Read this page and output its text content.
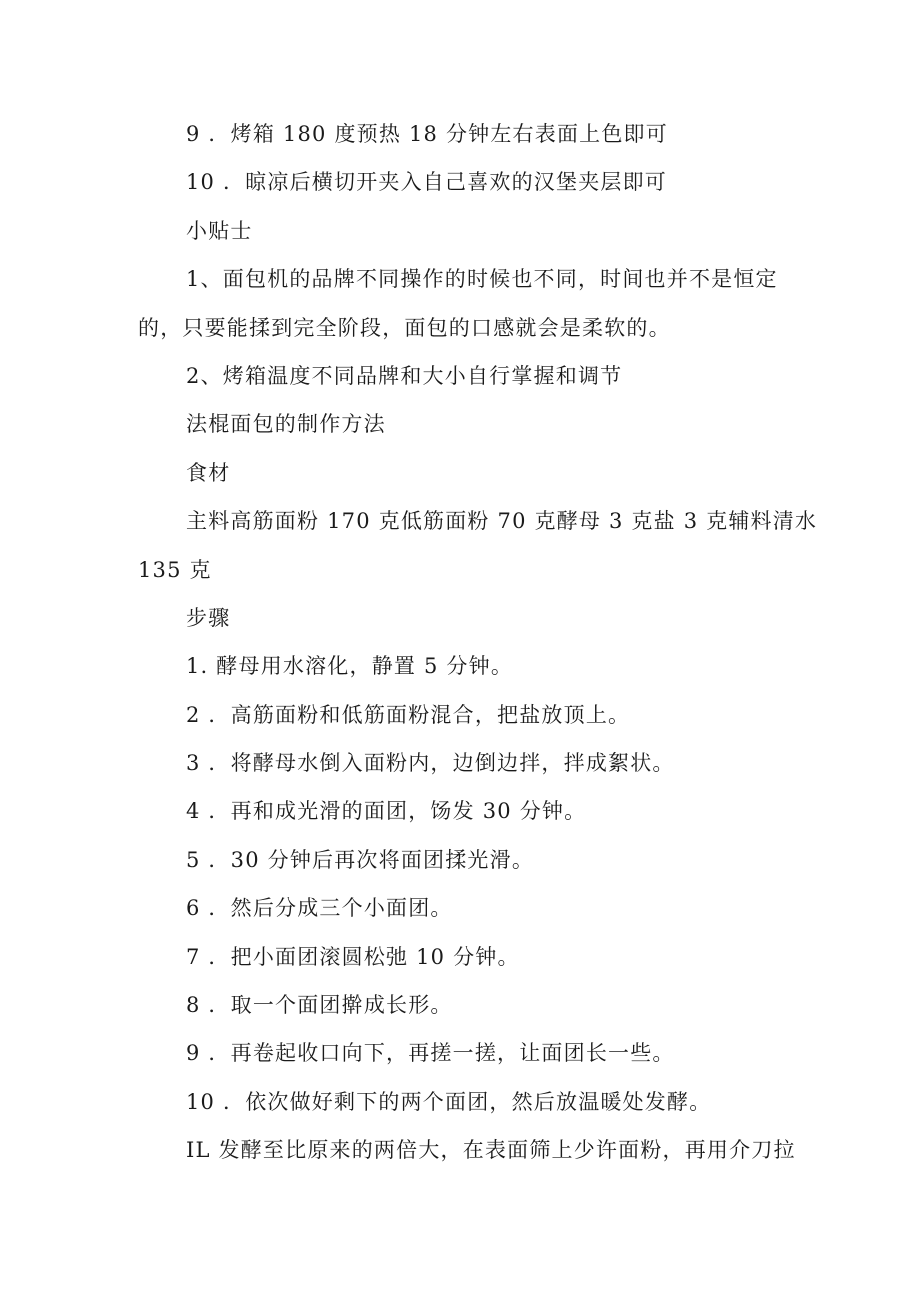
9 ．烤箱 180 度预热 18 分钟左右表面上色即可
10 ．晾凉后横切开夹入自己喜欢的汉堡夹层即可
小贴士
1、面包机的品牌不同操作的时候也不同，时间也并不是恒定
的，只要能揉到完全阶段，面包的口感就会是柔软的。
2、烤箱温度不同品牌和大小自行掌握和调节
法棍面包的制作方法
食材
主料高筋面粉 170 克低筋面粉 70 克酵母 3 克盐 3 克辅料清水
135 克
步骤
1. 酵母用水溶化，静置 5 分钟。
2 ．高筋面粉和低筋面粉混合，把盐放顶上。
3 ．将酵母水倒入面粉内，边倒边拌，拌成絮状。
4 ．再和成光滑的面团，饧发 30 分钟。
5 ．30 分钟后再次将面团揉光滑。
6 ．然后分成三个小面团。
7 ．把小面团滚圆松弛 10 分钟。
8 ．取一个面团擀成长形。
9 ．再卷起收口向下，再搓一搓，让面团长一些。
10 ．依次做好剩下的两个面团，然后放温暖处发酵。
IL 发酵至比原来的两倍大，在表面筛上少许面粉，再用介刀拉
